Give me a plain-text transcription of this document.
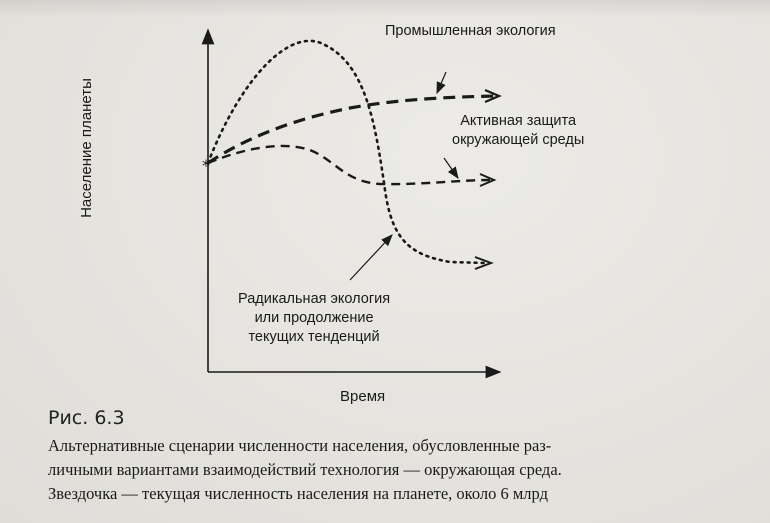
*
Население планеты
Время
Промышленная экология
Активная защита
окружающей среды
Радикальная экология
или продолжение
текущих тенденций
Рис. 6.3
Альтернативные сценарии численности населения, обусловленные раз-
личными вариантами взаимодействий технология — окружающая среда.
Звездочка — текущая численность населения на планете, около 6 млрд
